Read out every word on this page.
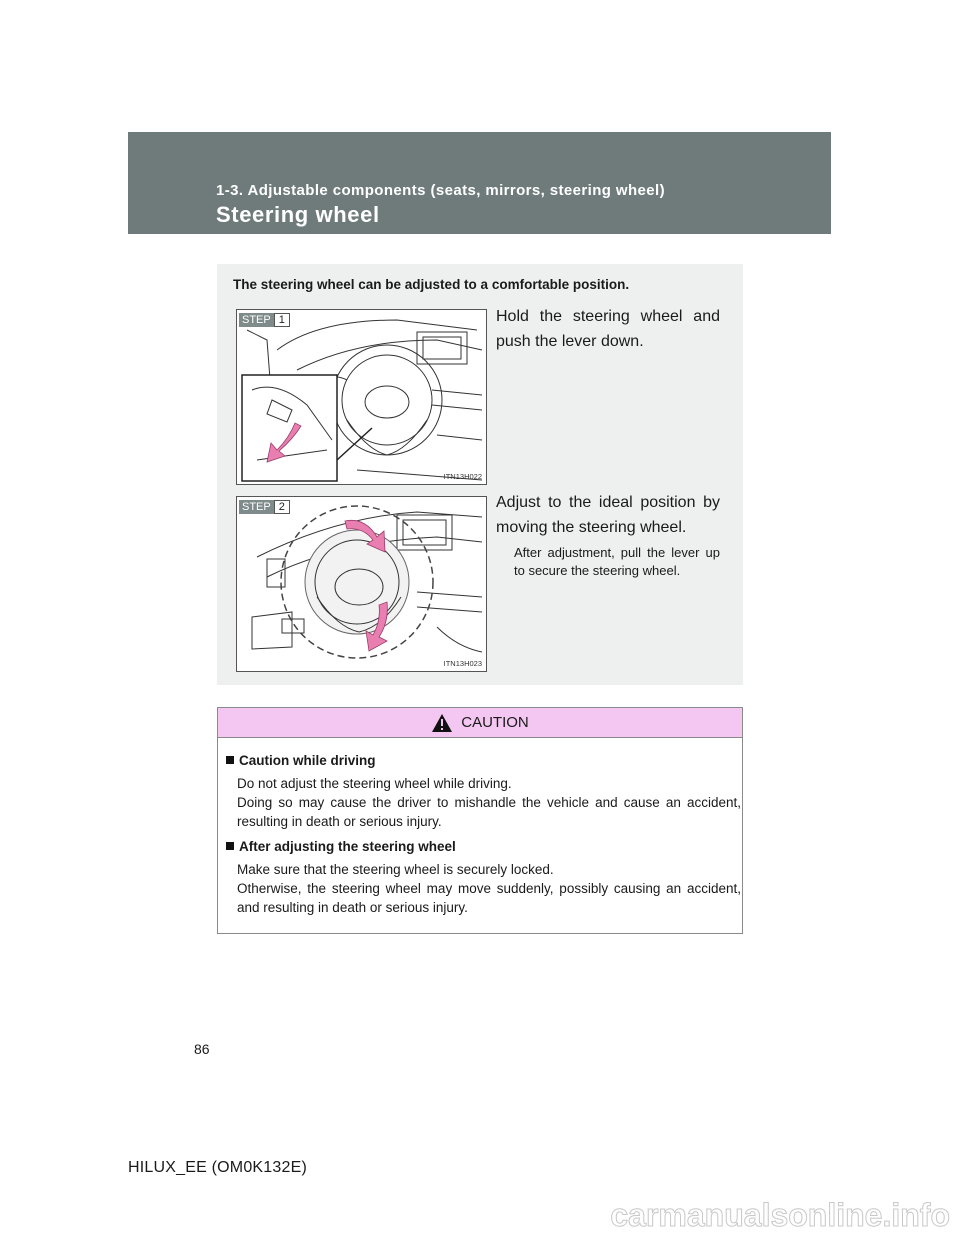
1-3. Adjustable components (seats, mirrors, steering wheel)
Steering wheel
The steering wheel can be adjusted to a comfortable position.
STEP 1
ITN13H022
Hold the steering wheel and push the lever down.
STEP 2
ITN13H023
Adjust to the ideal position by moving the steering wheel.
After adjustment, pull the lever up to secure the steering wheel.
CAUTION
Caution while driving

Do not adjust the steering wheel while driving.

Doing so may cause the driver to mishandle the vehicle and cause an accident, resulting in death or serious injury.

After adjusting the steering wheel

Make sure that the steering wheel is securely locked.

Otherwise, the steering wheel may move suddenly, possibly causing an accident, and resulting in death or serious injury.

86
HILUX_EE (OM0K132E)
carmanualsonline.info
